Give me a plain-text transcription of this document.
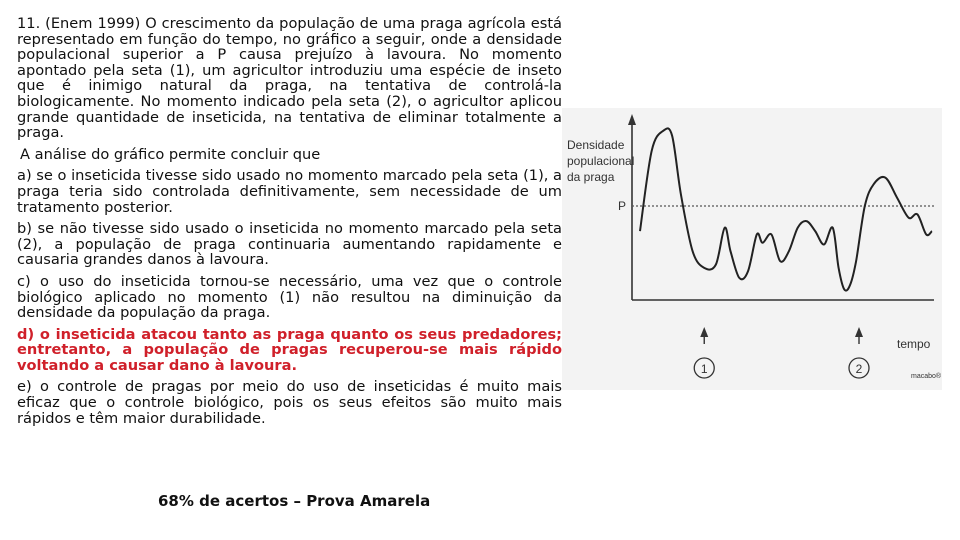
11. (Enem 1999) O crescimento da população de uma praga agrícola está representado em função do tempo, no gráfico a seguir, onde a densidade populacional superior a P causa prejuízo à lavoura. No momento apontado pela seta (1), um agricultor introduziu uma espécie de inseto que é inimigo natural da praga, na tentativa de controlá-la biologicamente. No momento indicado pela seta (2), o agricultor aplicou grande quantidade de inseticida, na tentativa de eliminar totalmente a praga.

A análise do gráfico permite concluir que

a) se o inseticida tivesse sido usado no momento marcado pela seta (1), a praga teria sido controlada definitivamente, sem necessidade de um tratamento posterior.

b) se não tivesse sido usado o inseticida no momento marcado pela seta (2), a população de praga continuaria aumentando rapidamente e causaria grandes danos à lavoura.

c) o uso do inseticida tornou-se necessário, uma vez que o controle biológico aplicado no momento (1) não resultou na diminuição da densidade da população da praga.

d) o inseticida atacou tanto as praga quanto os seus predadores; entretanto, a população de pragas recuperou-se mais rápido voltando a causar dano à lavoura.

e) o controle de pragas por meio do uso de inseticidas é muito mais eficaz que o controle biológico, pois os seus efeitos são muito mais rápidos e têm maior durabilidade.

68% de acertos – Prova Amarela
Densidade
populacional
da praga
P
tempo
1	2
macabo®
